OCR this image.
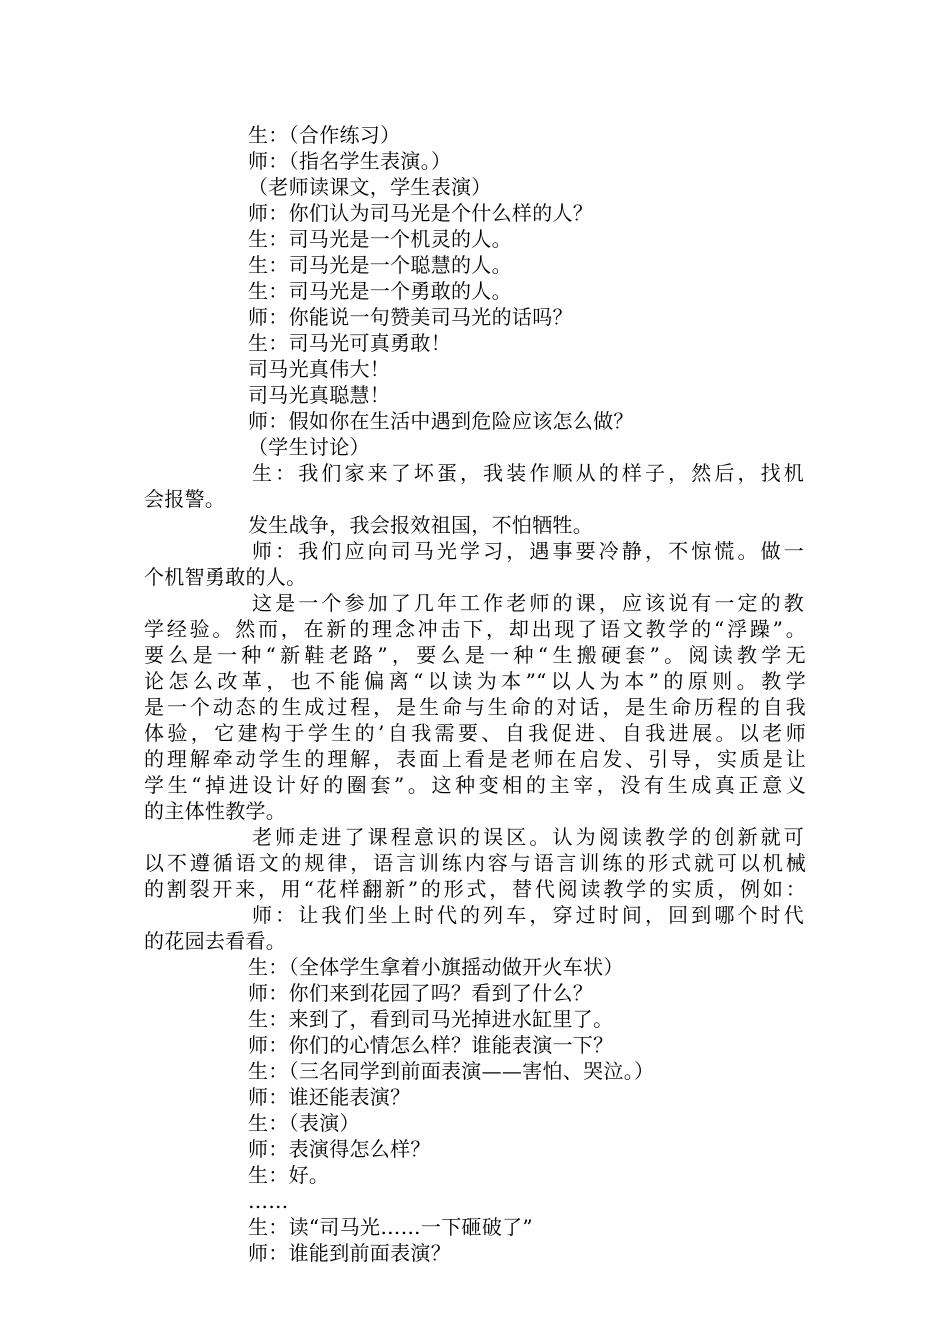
生：（合作练习）
师：（指名学生表演。）
（老师读课文，学生表演）
师：你们认为司马光是个什么样的人？
生：司马光是一个机灵的人。
生：司马光是一个聪慧的人。
生：司马光是一个勇敢的人。
师：你能说一句赞美司马光的话吗？
生：司马光可真勇敢！
司马光真伟大！
司马光真聪慧！
师：假如你在生活中遇到危险应该怎么做？
（学生讨论）
生：我们家来了坏蛋，我装作顺从的样子，然后，找机
会报警。
发生战争，我会报效祖国，不怕牺牲。
师：我们应向司马光学习，遇事要冷静，不惊慌。做一
个机智勇敢的人。
这是一个参加了几年工作老师的课，应该说有一定的教
学经验。然而，在新的理念冲击下，却出现了语文教学的“浮躁”。
要么是一种“新鞋老路”，要么是一种“生搬硬套”。阅读教学无
论怎么改革，也不能偏离“以读为本”“以人为本”的原则。教学
是一个动态的生成过程，是生命与生命的对话，是生命历程的自我
体验，它建构于学生的’自我需要、自我促进、自我进展。以老师
的理解牵动学生的理解，表面上看是老师在启发、引导，实质是让
学生“掉进设计好的圈套”。这种变相的主宰，没有生成真正意义
的主体性教学。
老师走进了课程意识的误区。认为阅读教学的创新就可
以不遵循语文的规律，语言训练内容与语言训练的形式就可以机械
的割裂开来，用“花样翻新”的形式，替代阅读教学的实质，例如：
师：让我们坐上时代的列车，穿过时间，回到哪个时代
的花园去看看。
生：（全体学生拿着小旗摇动做开火车状）
师：你们来到花园了吗？看到了什么？
生：来到了，看到司马光掉进水缸里了。
师：你们的心情怎么样？谁能表演一下？
生：（三名同学到前面表演——害怕、哭泣。）
师：谁还能表演？
生：（表演）
师：表演得怎么样？
生：好。
……
生：读“司马光……一下砸破了”
师：谁能到前面表演？
